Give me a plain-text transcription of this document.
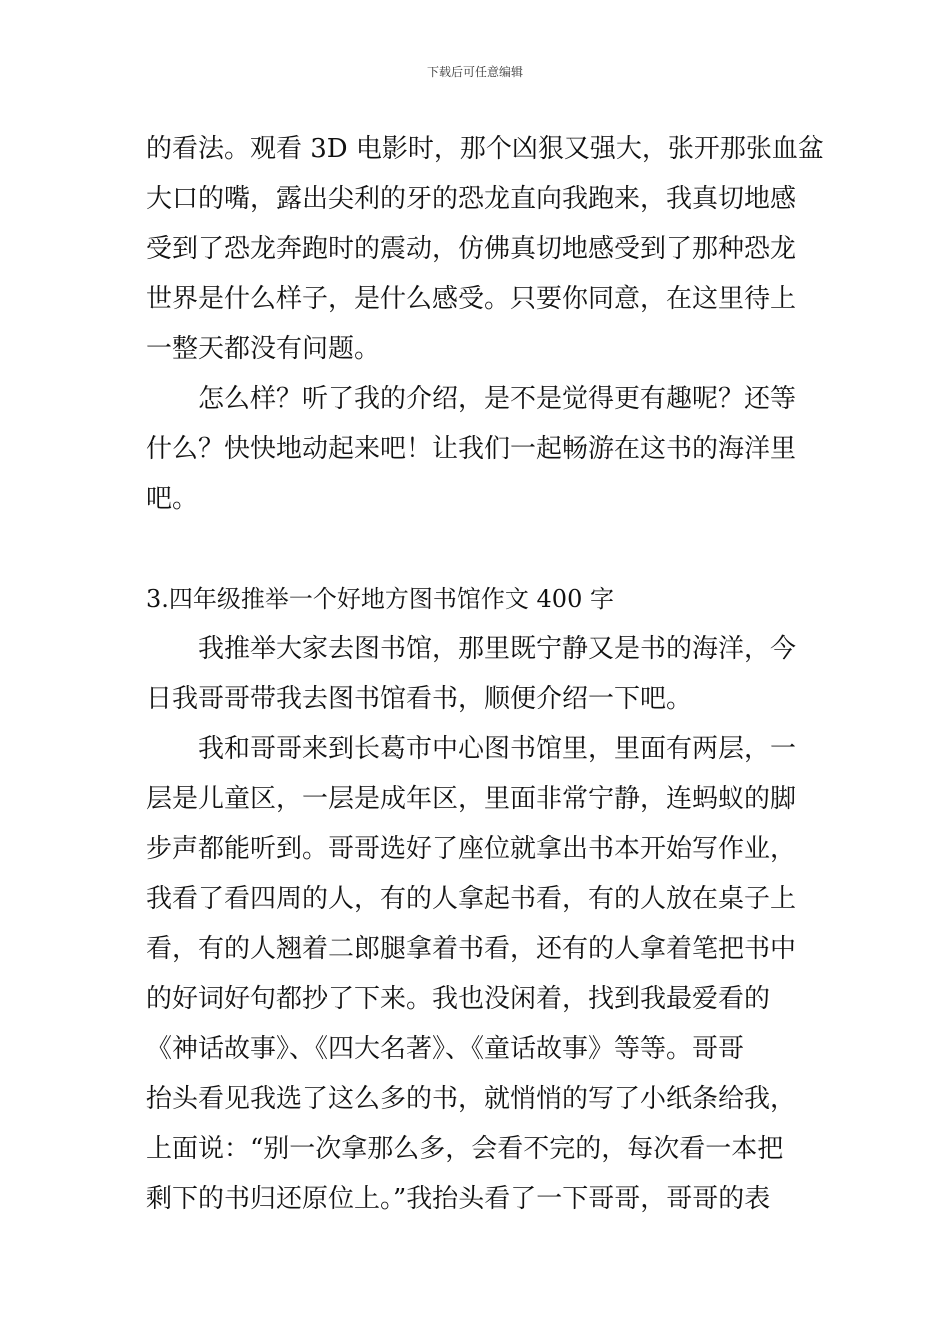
下载后可任意编辑
的看法。观看 3D 电影时，那个凶狠又强大，张开那张血盆
大口的嘴，露出尖利的牙的恐龙直向我跑来，我真切地感
受到了恐龙奔跑时的震动，仿佛真切地感受到了那种恐龙
世界是什么样子，是什么感受。只要你同意，在这里待上
一整天都没有问题。
怎么样？听了我的介绍，是不是觉得更有趣呢？还等
什么？快快地动起来吧！让我们一起畅游在这书的海洋里
吧。
3.四年级推举一个好地方图书馆作文 400 字
我推举大家去图书馆，那里既宁静又是书的海洋，今
日我哥哥带我去图书馆看书，顺便介绍一下吧。
我和哥哥来到长葛市中心图书馆里，里面有两层，一
层是儿童区，一层是成年区，里面非常宁静，连蚂蚁的脚
步声都能听到。哥哥选好了座位就拿出书本开始写作业，
我看了看四周的人，有的人拿起书看，有的人放在桌子上
看，有的人翘着二郎腿拿着书看，还有的人拿着笔把书中
的好词好句都抄了下来。我也没闲着，找到我最爱看的
《神话故事》、《四大名著》、《童话故事》等等。哥哥
抬头看见我选了这么多的书，就悄悄的写了小纸条给我，
上面说：“别一次拿那么多，会看不完的，每次看一本把
剩下的书归还原位上。”我抬头看了一下哥哥，哥哥的表
